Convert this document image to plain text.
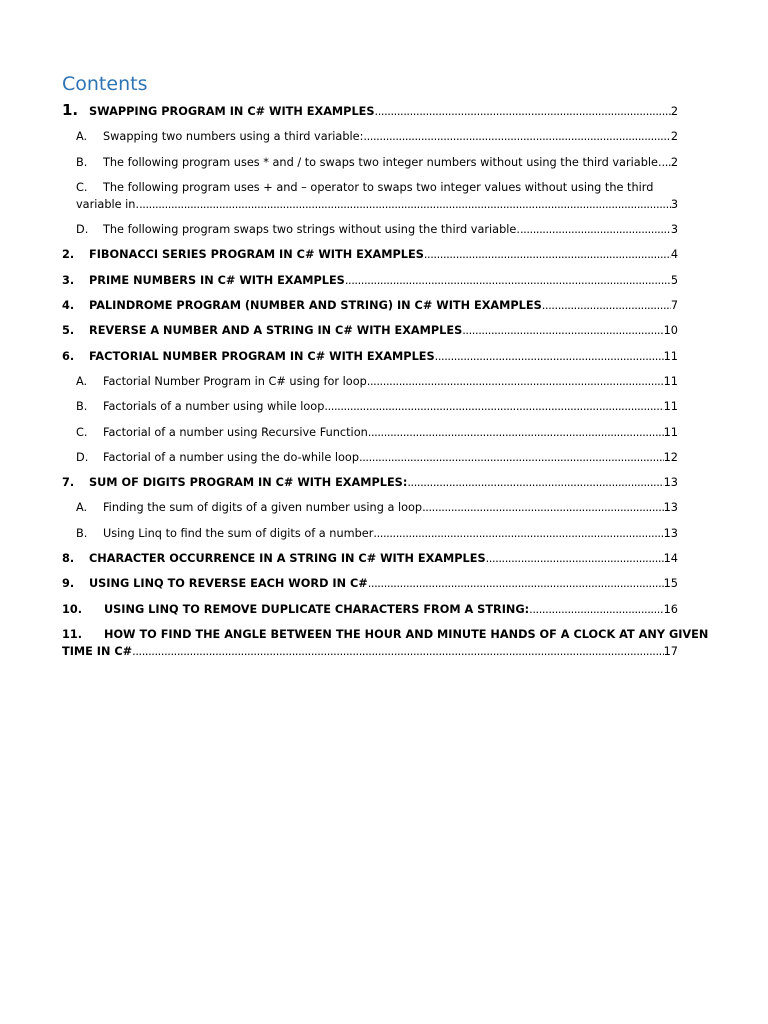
Contents
1. SWAPPING PROGRAM IN C# WITH EXAMPLES .....	2
A.	Swapping two numbers using a third variable: .....	2
B.	The following program uses * and / to swaps two integer numbers without using the third variable. ..... 2
C.	The following program uses + and – operator to swaps two integer values without using the third
variable in. .....	3
D.	The following program swaps two strings without using the third variable. .....	3
2.	FIBONACCI SERIES PROGRAM IN C# WITH EXAMPLES .....	4
3.	PRIME NUMBERS IN C# WITH EXAMPLES .....	5
4.	PALINDROME PROGRAM (NUMBER AND STRING) IN C# WITH EXAMPLES .....	7
5.	REVERSE A NUMBER AND A STRING IN C# WITH EXAMPLES .....	10
6.	FACTORIAL NUMBER PROGRAM IN C# WITH EXAMPLES .....	11
A.	Factorial Number Program in C# using for loop .....	11
B.	Factorials of a number using while loop .....	11
C.	Factorial of a number using Recursive Function .....	11
D.	Factorial of a number using the do-while loop .....	12
7.	SUM OF DIGITS PROGRAM IN C# WITH EXAMPLES: .....	13
A.	Finding the sum of digits of a given number using a loop .....	13
B.	Using Linq to find the sum of digits of a number .....	13
8.	CHARACTER OCCURRENCE IN A STRING IN C# WITH EXAMPLES .....	14
9.	USING LINQ TO REVERSE EACH WORD IN C# .....	15
10.	USING LINQ TO REMOVE DUPLICATE CHARACTERS FROM A STRING: .....	16
11.	HOW TO FIND THE ANGLE BETWEEN THE HOUR AND MINUTE HANDS OF A CLOCK AT ANY GIVEN
TIME IN C# .....	17
